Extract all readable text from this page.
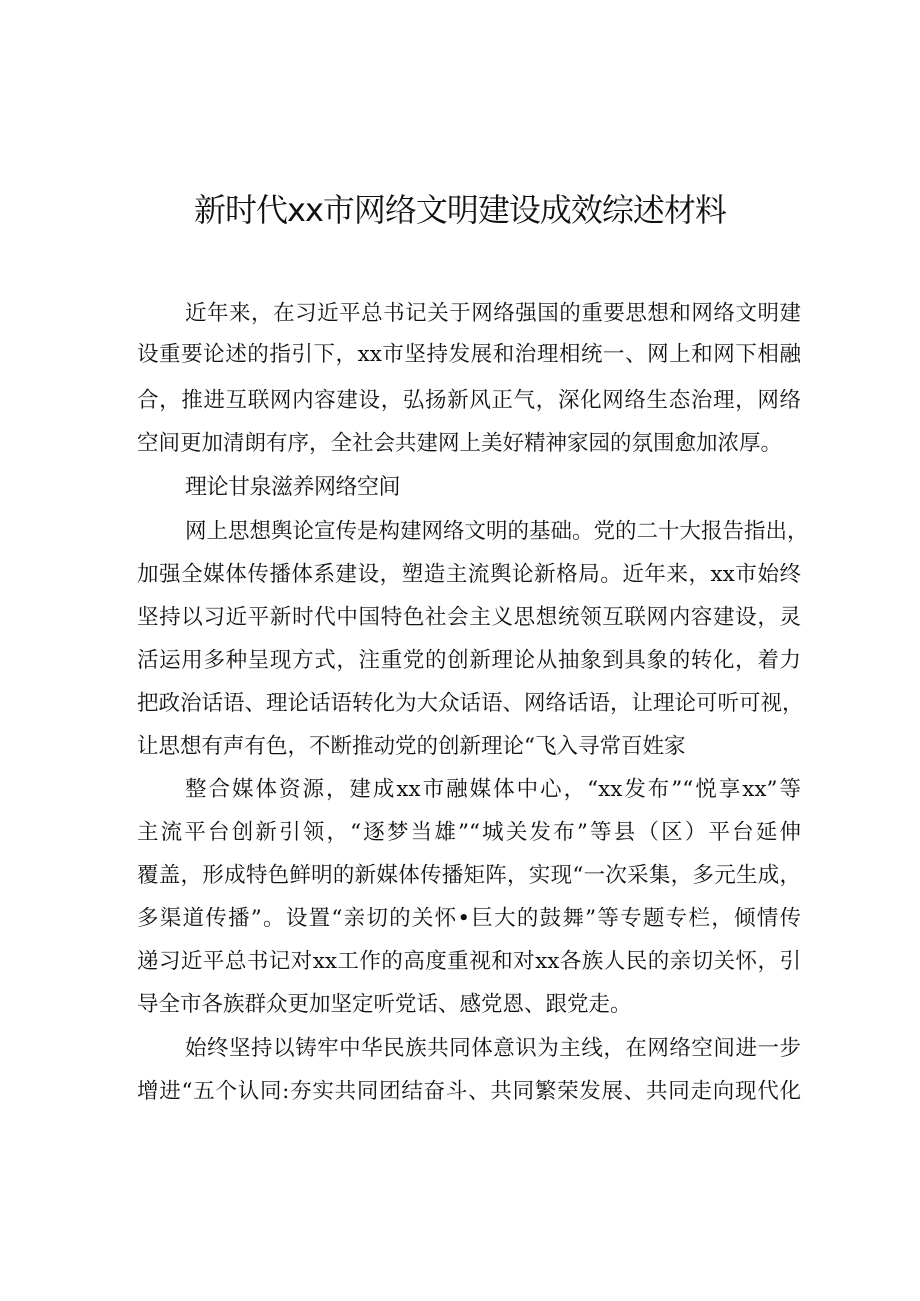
新时代xx市网络文明建设成效综述材料

近年来，在习近平总书记关于网络强国的重要思想和网络文明建

设重要论述的指引下，xx市坚持发展和治理相统一、网上和网下相融

合，推进互联网内容建设，弘扬新风正气，深化网络生态治理，网络

空间更加清朗有序，全社会共建网上美好精神家园的氛围愈加浓厚。

理论甘泉滋养网络空间

网上思想舆论宣传是构建网络文明的基础。党的二十大报告指出，

加强全媒体传播体系建设，塑造主流舆论新格局。近年来，xx市始终

坚持以习近平新时代中国特色社会主义思想统领互联网内容建设，灵

活运用多种呈现方式，注重党的创新理论从抽象到具象的转化，着力

把政治话语、理论话语转化为大众话语、网络话语，让理论可听可视，

让思想有声有色，不断推动党的创新理论“飞入寻常百姓家

整合媒体资源，建成xx市融媒体中心，“xx发布”“悦享xx”等

主流平台创新引领，“逐梦当雄”“城关发布”等县（区）平台延伸

覆盖，形成特色鲜明的新媒体传播矩阵，实现“一次采集，多元生成，

多渠道传播”。设置“亲切的关怀•巨大的鼓舞”等专题专栏，倾情传

递习近平总书记对xx工作的高度重视和对xx各族人民的亲切关怀，引

导全市各族群众更加坚定听党话、感党恩、跟党走。

始终坚持以铸牢中华民族共同体意识为主线，在网络空间进一步

增进“五个认同:夯实共同团结奋斗、共同繁荣发展、共同走向现代化
